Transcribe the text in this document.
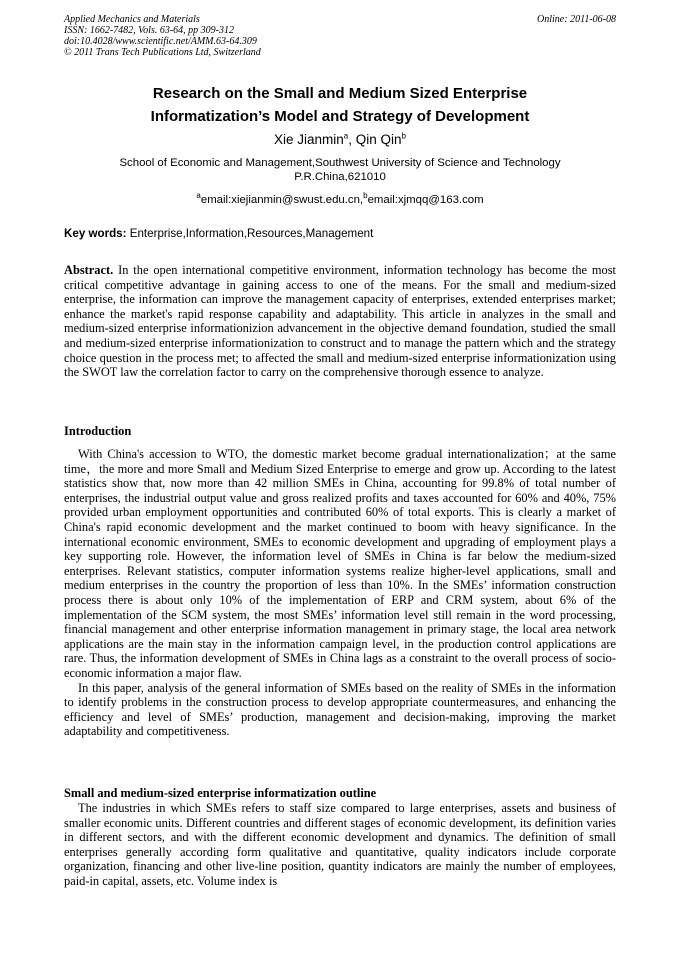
Applied Mechanics and Materials
ISSN: 1662-7482, Vols. 63-64, pp 309-312
doi:10.4028/www.scientific.net/AMM.63-64.309
© 2011 Trans Tech Publications Ltd, Switzerland
Online: 2011-06-08
Research on the Small and Medium Sized Enterprise
Informatization’s Model and Strategy of Development
Xie Jianmin$^a$, Qin Qin$^b$
School of Economic and Management,Southwest University of Science and Technology
P.R.China,621010
$^a$email:xiejianmin@swust.edu.cn,$^b$email:xjmqq@163.com
Key words: Enterprise,Information,Resources,Management
Abstract. In the open international competitive environment, information technology has become the most critical competitive advantage in gaining access to one of the means. For the small and medium-sized enterprise, the information can improve the management capacity of enterprises, extended enterprises market; enhance the market's rapid response capability and adaptability. This article in analyzes in the small and medium-sized enterprise informationizion advancement in the objective demand foundation, studied the small and medium-sized enterprise informationization to construct and to manage the pattern which and the strategy choice question in the process met; to affected the small and medium-sized enterprise informationization using the SWOT law the correlation factor to carry on the comprehensive thorough essence to analyze.
Introduction

With China's accession to WTO, the domestic market become gradual internationalization；at the same time，the more and more Small and Medium Sized Enterprise to emerge and grow up. According to the latest statistics show that, now more than 42 million SMEs in China, accounting for 99.8% of total number of enterprises, the industrial output value and gross realized profits and taxes accounted for 60% and 40%, 75% provided urban employment opportunities and contributed 60% of total exports. This is clearly a market of China's rapid economic development and the market continued to boom with heavy significance. In the international economic environment, SMEs to economic development and upgrading of employment plays a key supporting role. However, the information level of SMEs in China is far below the medium-sized enterprises. Relevant statistics, computer information systems realize higher-level applications, small and medium enterprises in the country the proportion of less than 10%. In the SMEs’ information construction process there is about only 10% of the implementation of ERP and CRM system, about 6% of the implementation of the SCM system, the most SMEs’ information level still remain in the word processing, financial management and other enterprise information management in primary stage, the local area network applications are the main stay in the information campaign level, in the production control applications are rare. Thus, the information development of SMEs in China lags as a constraint to the overall process of socio-economic information a major flaw.

In this paper, analysis of the general information of SMEs based on the reality of SMEs in the information to identify problems in the construction process to develop appropriate countermeasures, and enhancing the efficiency and level of SMEs’ production, management and decision-making, improving the market adaptability and competitiveness.

Small and medium-sized enterprise informatization outline
The industries in which SMEs refers to staff size compared to large enterprises, assets and business of smaller economic units. Different countries and different stages of economic development, its definition varies in different sectors, and with the different economic development and dynamics. The definition of small enterprises generally according form qualitative and quantitative, quality indicators include corporate organization, financing and other live-line position, quantity indicators are mainly the number of employees, paid-in capital, assets, etc. Volume index is
